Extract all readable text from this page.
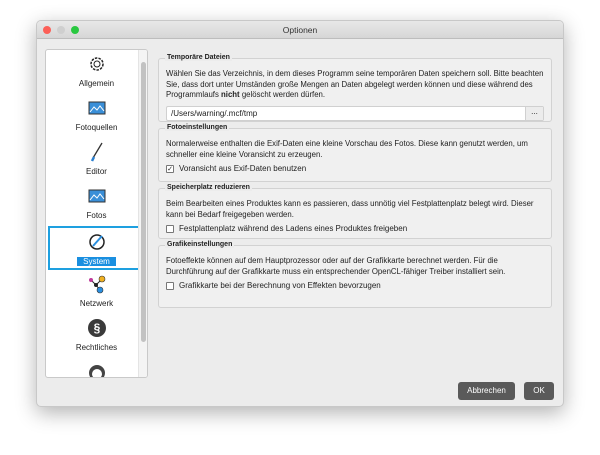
Optionen
Allgemein
Fotoquellen
Editor
Fotos
System
Netzwerk
§
Rechtliches
Temporäre Dateien
Wählen Sie das Verzeichnis, in dem dieses Programm seine temporären Daten speichern soll. Bitte beachten Sie, dass dort unter Umständen große Mengen an Daten abgelegt werden können und diese während des Programmlaufs nicht gelöscht werden dürfen.
/Users/warning/.mcf/tmp	...
Fotoeinstellungen
Normalerweise enthalten die Exif-Daten eine kleine Vorschau des Fotos. Diese kann genutzt werden, um schneller eine kleine Voransicht zu erzeugen.
✓ Voransicht aus Exif-Daten benutzen
Speicherplatz reduzieren
Beim Bearbeiten eines Produktes kann es passieren, dass unnötig viel Festplattenplatz belegt wird. Dieser kann bei Bedarf freigegeben werden.
Festplattenplatz während des Ladens eines Produktes freigeben
Grafikeinstellungen
Fotoeffekte können auf dem Hauptprozessor oder auf der Grafikkarte berechnet werden. Für die Durchführung auf der Grafikkarte muss ein entsprechender OpenCL-fähiger Treiber installiert sein.
Grafikkarte bei der Berechnung von Effekten bevorzugen
Abbrechen	OK
